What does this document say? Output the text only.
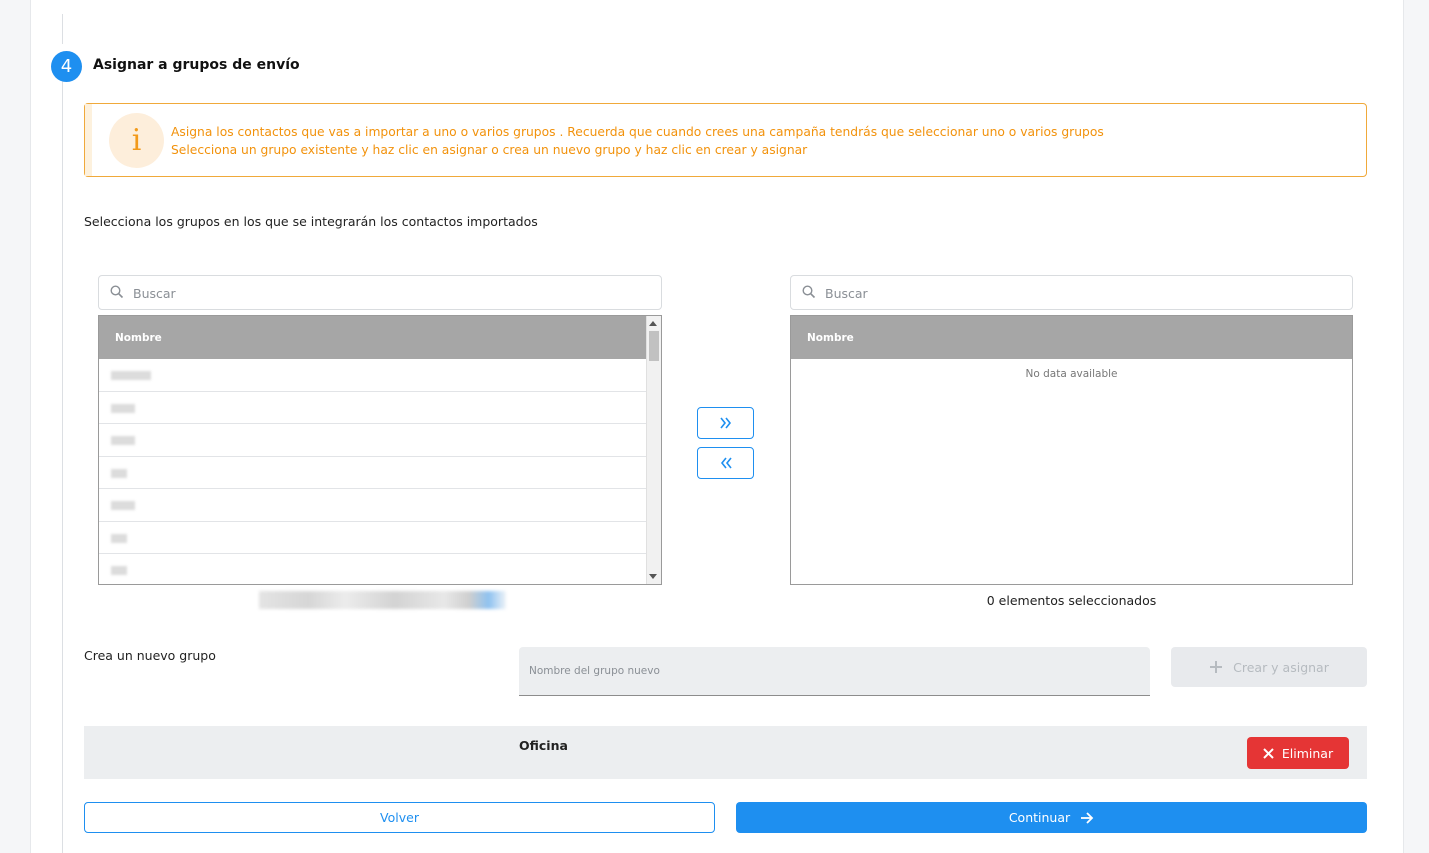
4	Asignar a grupos de envío
i	Asigna los contactos que vas a importar a uno o varios grupos . Recuerda que cuando crees una campaña tendrás que seleccionar uno o varios grupos
Selecciona un grupo existente y haz clic en asignar o crea un nuevo grupo y haz clic en crear y asignar
Selecciona los grupos en los que se integrarán los contactos importados
Buscar
Nombre
Buscar	Nombre
No data available
0 elementos seleccionados
Crea un nuevo grupo
Nombre del grupo nuevo
Crear y asignar
Oficina	Eliminar
Volver	Continuar
